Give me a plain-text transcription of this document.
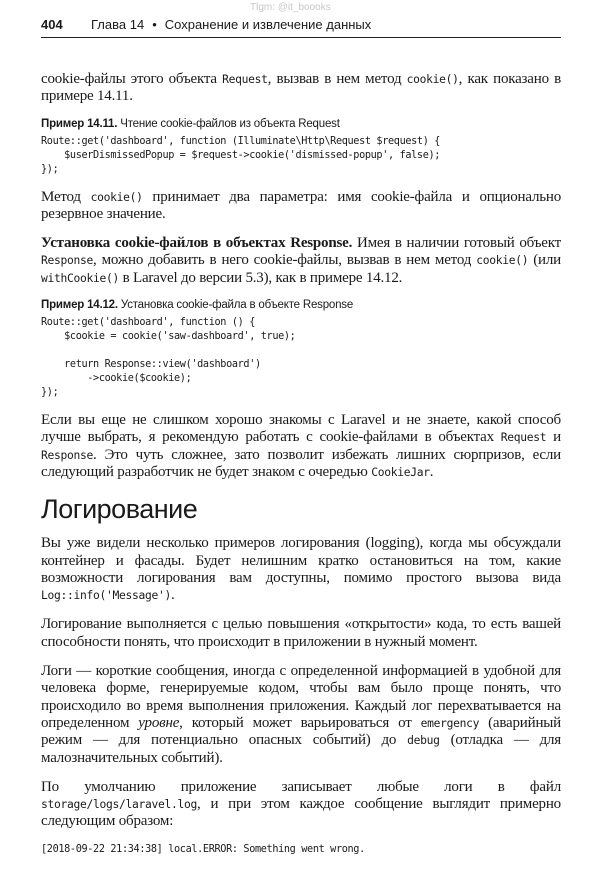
Tlgm: @it_boooks
404 Глава 14 • Сохранение и извлечение данных
cookie-файлы этого объекта Request, вызвав в нем метод cookie(), как показано в примере 14.11.
Пример 14.11. Чтение cookie-файлов из объекта Request
Route::get('dashboard', function (Illuminate\Http\Request $request) {
$userDismissedPopup = $request->cookie('dismissed-popup', false);
});
Метод cookie() принимает два параметра: имя cookie-файла и опционально резервное значение.
Установка cookie-файлов в объектах Response. Имея в наличии готовый объект Response, можно добавить в него cookie-файлы, вызвав в нем метод cookie() (или withCookie() в Laravel до версии 5.3), как в примере 14.12.
Пример 14.12. Установка cookie-файла в объекте Response
Route::get('dashboard', function () {
$cookie = cookie('saw-dashboard', true);

return Response::view('dashboard')
->cookie($cookie);
});
Если вы еще не слишком хорошо знакомы с Laravel и не знаете, какой способ лучше выбрать, я рекомендую работать с cookie-файлами в объектах Request и Response. Это чуть сложнее, зато позволит избежать лишних сюрпризов, если следующий разработчик не будет знаком с очередью CookieJar.
Логирование
Вы уже видели несколько примеров логирования (logging), когда мы обсуждали контейнер и фасады. Будет нелишним кратко остановиться на том, какие возможности логирования вам доступны, помимо простого вызова вида Log::info('Message').
Логирование выполняется с целью повышения «открытости» кода, то есть вашей способности понять, что происходит в приложении в нужный момент.
Логи — короткие сообщения, иногда с определенной информацией в удобной для человека форме, генерируемые кодом, чтобы вам было проще понять, что происходило во время выполнения приложения. Каждый лог перехватывается на определенном уровне, который может варьироваться от emergency (аварийный режим — для потенциально опасных событий) до debug (отладка — для малозначительных событий).
По умолчанию приложение записывает любые логи в файл storage/logs/laravel.log, и при этом каждое сообщение выглядит примерно следующим образом:
[2018-09-22 21:34:38] local.ERROR: Something went wrong.
